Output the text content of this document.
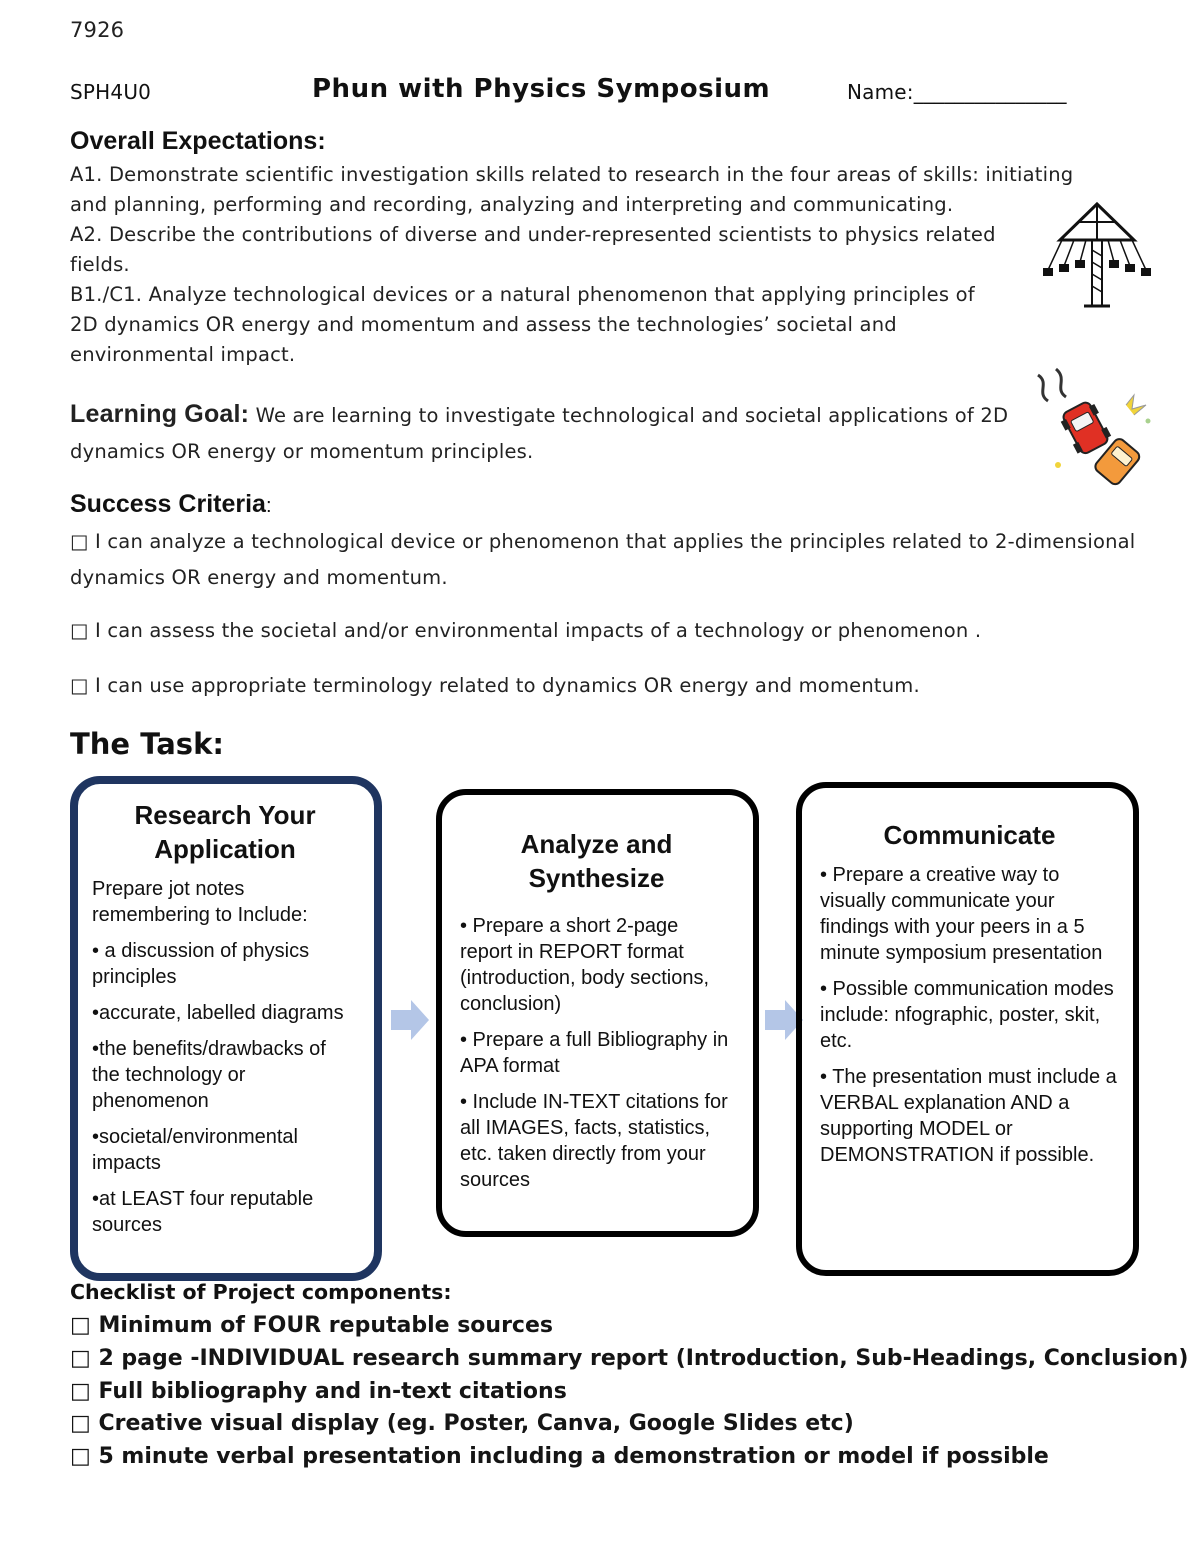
7926
SPH4U0	Phun with Physics Symposium	Name:_______________
Overall Expectations:

A1. Demonstrate scientific investigation skills related to research in the four areas of skills: initiating and planning, performing and recording, analyzing and interpreting and communicating.

A2. Describe the contributions of diverse and under-represented scientists to physics related fields.

B1./C1. Analyze technological devices or a natural phenomenon that applying principles of 2D dynamics OR energy and momentum and assess the technologies’ societal and environmental impact.

Learning Goal: We are learning to investigate technological and societal applications of 2D dynamics OR energy or momentum principles.
Success Criteria:
□ I can analyze a technological device or phenomenon that applies the principles related to 2-dimensional dynamics OR energy and momentum.
□ I can assess the societal and/or environmental impacts of a technology or phenomenon .
□ I can use appropriate terminology related to dynamics OR energy and momentum.
The Task:
Research Your Application
Prepare jot notes remembering to Include:
• a discussion of physics principles
•accurate, labelled diagrams
•the benefits/drawbacks of the technology or phenomenon
•societal/environmental impacts
•at LEAST four reputable sources
Analyze and Synthesize
• Prepare a short 2-page report in REPORT format (introduction, body sections, conclusion)
• Prepare a full Bibliography in APA format
• Include IN-TEXT citations for all IMAGES, facts, statistics, etc. taken directly from your sources
Communicate
• Prepare a creative way to visually communicate your findings with your peers in a 5 minute symposium presentation
• Possible communication modes include: nfographic, poster, skit, etc.
• The presentation must include a VERBAL explanation AND a supporting MODEL or DEMONSTRATION if possible.
Checklist of Project components:
□ Minimum of FOUR reputable sources
□ 2 page -INDIVIDUAL research summary report (Introduction, Sub-Headings, Conclusion)
□ Full bibliography and in-text citations
□ Creative visual display (eg. Poster, Canva, Google Slides etc)
□ 5 minute verbal presentation including a demonstration or model if possible
